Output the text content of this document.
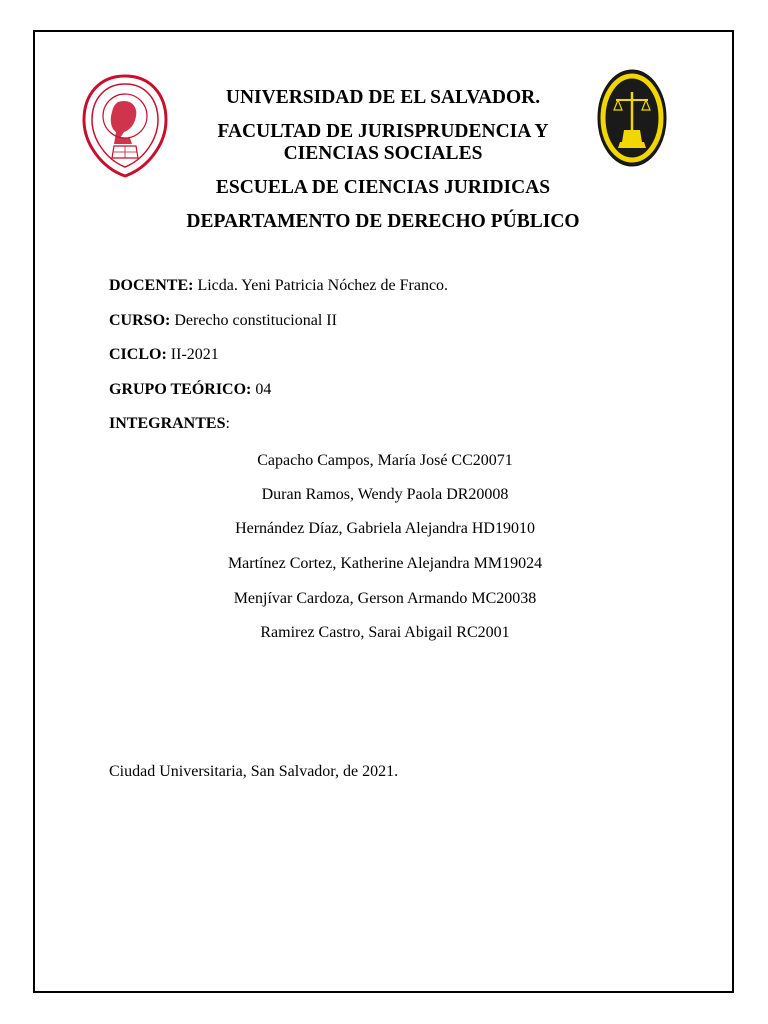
UNIVERSIDAD DE EL SALVADOR.
FACULTAD DE JURISPRUDENCIA Y CIENCIAS SOCIALES
ESCUELA DE CIENCIAS JURIDICAS
DEPARTAMENTO DE DERECHO PÚBLICO
DOCENTE: Licda. Yeni Patricia Nóchez de Franco.
CURSO: Derecho constitucional II
CICLO: II-2021
GRUPO TEÓRICO: 04
INTEGRANTES:
Capacho Campos, María José CC20071
Duran Ramos, Wendy Paola DR20008
Hernández Díaz, Gabriela Alejandra HD19010
Martínez Cortez, Katherine Alejandra MM19024
Menjívar Cardoza, Gerson Armando MC20038
Ramirez Castro, Sarai Abigail RC2001
Ciudad Universitaria, San Salvador, de 2021.
